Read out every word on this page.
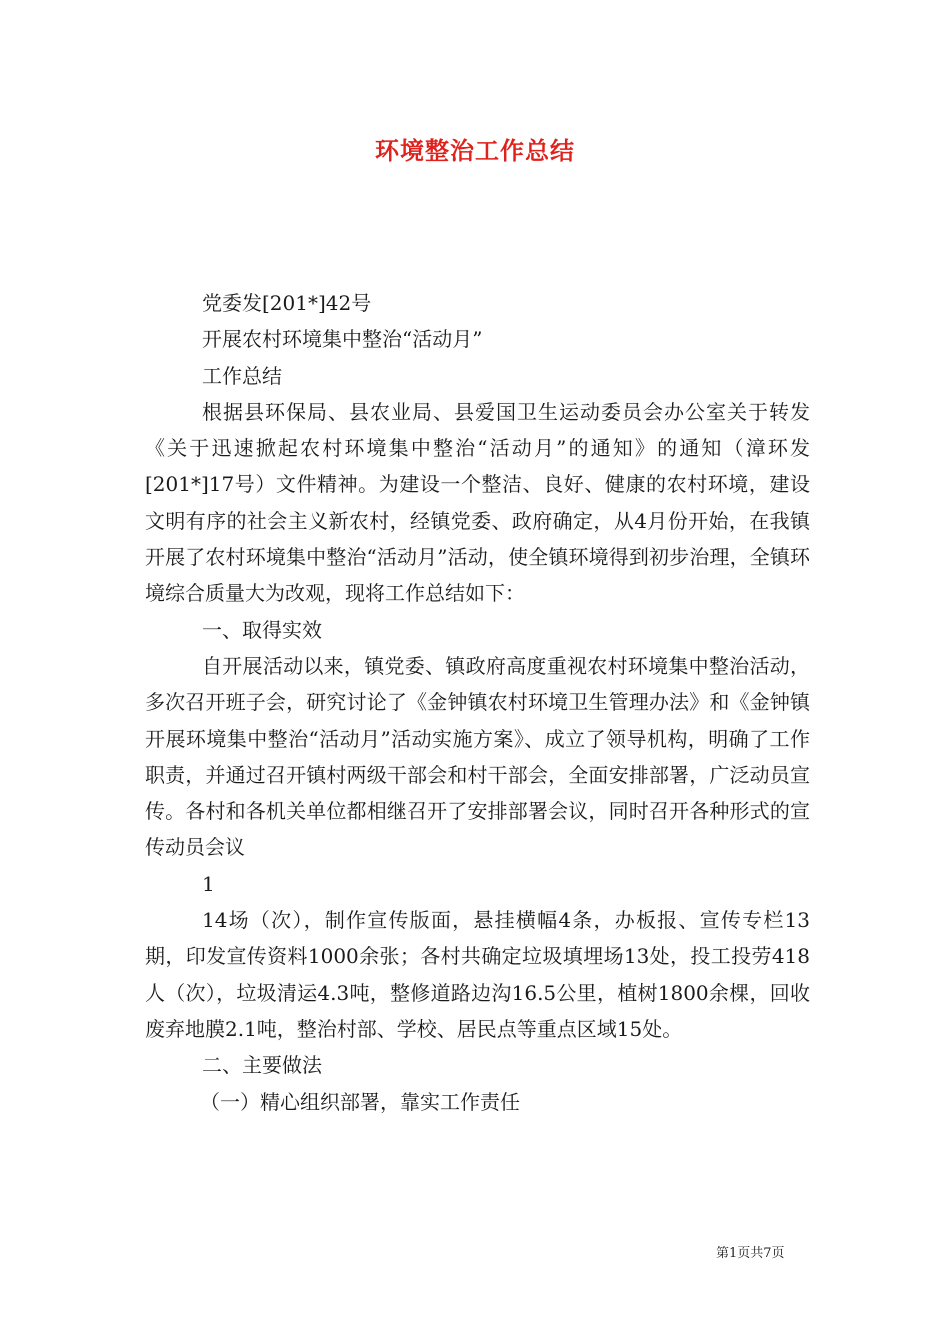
环境整治工作总结

党委发[201*]42号

开展农村环境集中整治“活动月”

工作总结

根据县环保局、县农业局、县爱国卫生运动委员会办公室关于转发《关于迅速掀起农村环境集中整治“活动月”的通知》的通知（漳环发[201*]17号）文件精神。为建设一个整洁、良好、健康的农村环境，建设文明有序的社会主义新农村，经镇党委、政府确定，从4月份开始，在我镇开展了农村环境集中整治“活动月”活动，使全镇环境得到初步治理，全镇环境综合质量大为改观，现将工作总结如下：

一、取得实效

自开展活动以来，镇党委、镇政府高度重视农村环境集中整治活动，多次召开班子会，研究讨论了《金钟镇农村环境卫生管理办法》和《金钟镇开展环境集中整治“活动月”活动实施方案》、成立了领导机构，明确了工作职责，并通过召开镇村两级干部会和村干部会，全面安排部署，广泛动员宣传。各村和各机关单位都相继召开了安排部署会议，同时召开各种形式的宣传动员会议

1

14场（次），制作宣传版面，悬挂横幅4条，办板报、宣传专栏13期，印发宣传资料1000余张；各村共确定垃圾填埋场13处，投工投劳418人（次），垃圾清运4.3吨，整修道路边沟16.5公里，植树1800余棵，回收废弃地膜2.1吨，整治村部、学校、居民点等重点区域15处。

二、主要做法

（一）精心组织部署，靠实工作责任

第1页共7页
